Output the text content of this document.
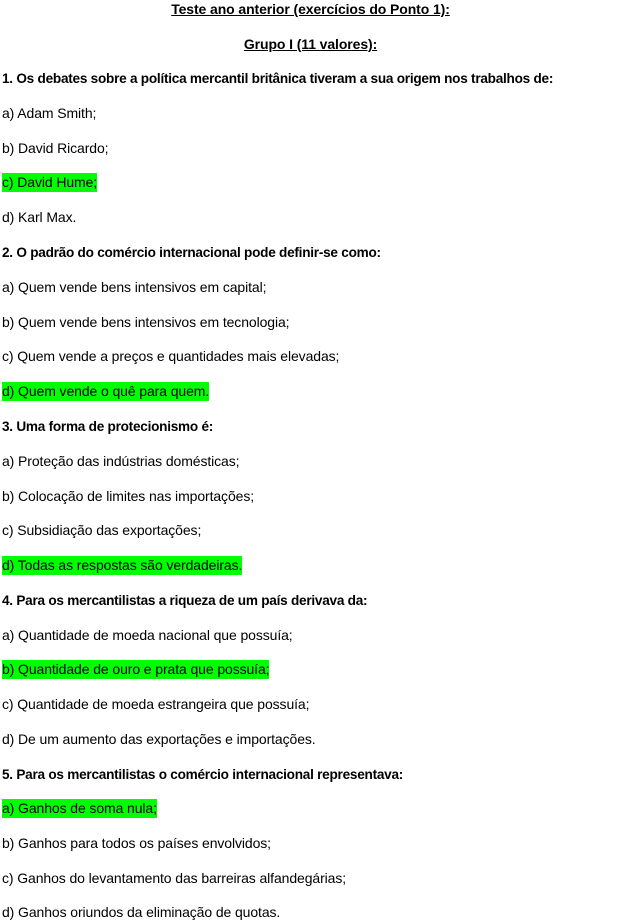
Teste ano anterior (exercícios do Ponto 1):
Grupo I (11 valores):
1. Os debates sobre a política mercantil britânica tiveram a sua origem nos trabalhos de:
a) Adam Smith;
b) David Ricardo;
c) David Hume;
d) Karl Max.
2. O padrão do comércio internacional pode definir-se como:
a) Quem vende bens intensivos em capital;
b) Quem vende bens intensivos em tecnologia;
c) Quem vende a preços e quantidades mais elevadas;
d) Quem vende o quê para quem.
3. Uma forma de protecionismo é:
a) Proteção das indústrias domésticas;
b) Colocação de limites nas importações;
c) Subsidiação das exportações;
d) Todas as respostas são verdadeiras.
4. Para os mercantilistas a riqueza de um país derivava da:
a) Quantidade de moeda nacional que possuía;
b) Quantidade de ouro e prata que possuía;
c) Quantidade de moeda estrangeira que possuía;
d) De um aumento das exportações e importações.
5. Para os mercantilistas o comércio internacional representava:
a) Ganhos de soma nula;
b) Ganhos para todos os países envolvidos;
c) Ganhos do levantamento das barreiras alfandegárias;
d) Ganhos oriundos da eliminação de quotas.
